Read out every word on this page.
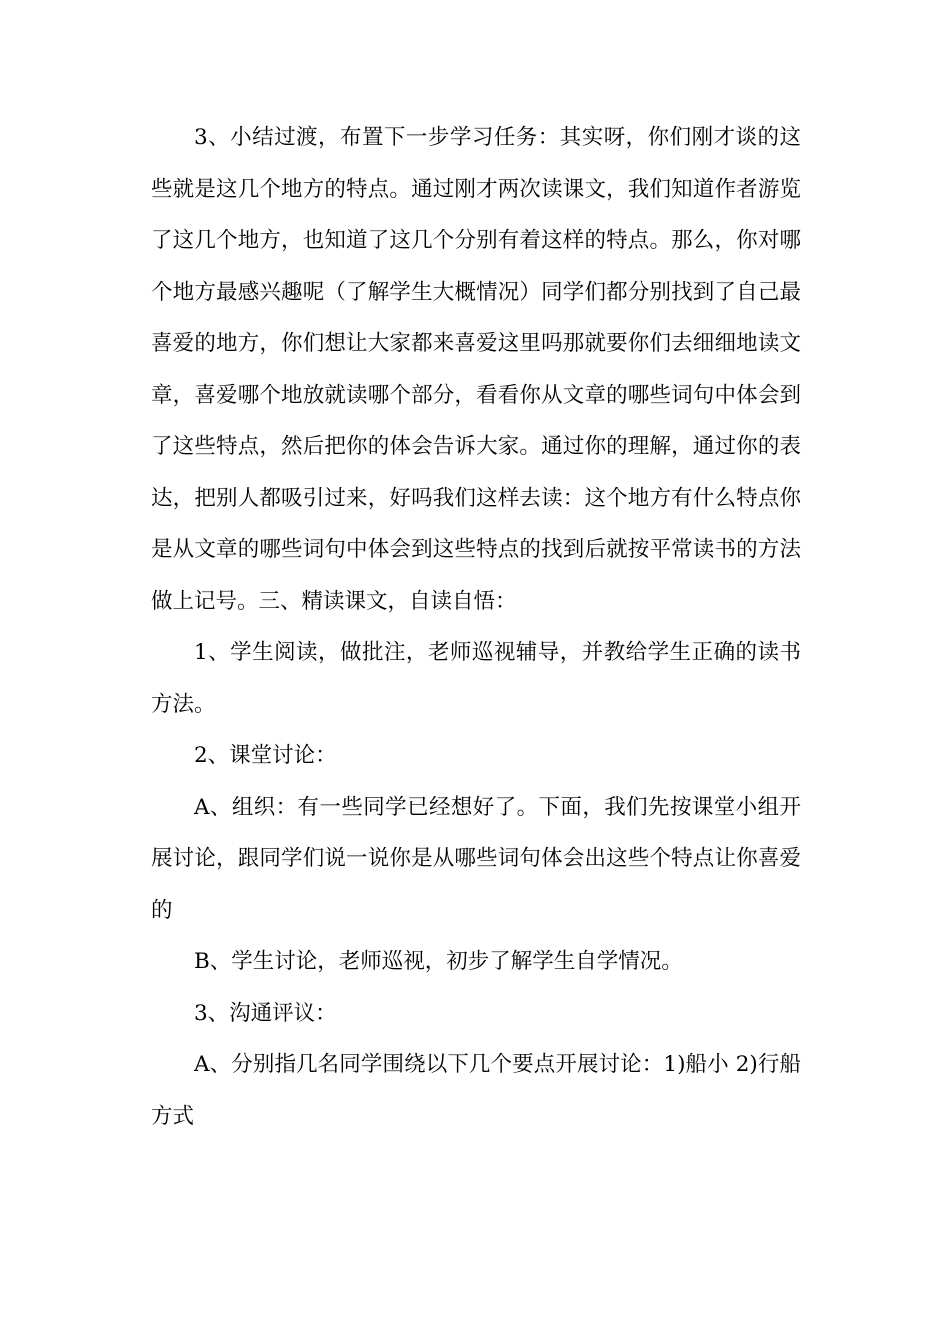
3、小结过渡，布置下一步学习任务：其实呀，你们刚才谈的这些就是这几个地方的特点。通过刚才两次读课文，我们知道作者游览了这几个地方，也知道了这几个分别有着这样的特点。那么，你对哪个地方最感兴趣呢（了解学生大概情况）同学们都分别找到了自己最喜爱的地方，你们想让大家都来喜爱这里吗那就要你们去细细地读文章，喜爱哪个地放就读哪个部分，看看你从文章的哪些词句中体会到了这些特点，然后把你的体会告诉大家。通过你的理解，通过你的表达，把别人都吸引过来，好吗我们这样去读：这个地方有什么特点你是从文章的哪些词句中体会到这些特点的找到后就按平常读书的方法做上记号。三、精读课文，自读自悟：

1、学生阅读，做批注，老师巡视辅导，并教给学生正确的读书方法。

2、课堂讨论：

A、组织：有一些同学已经想好了。下面，我们先按课堂小组开展讨论，跟同学们说一说你是从哪些词句体会出这些个特点让你喜爱的

B、学生讨论，老师巡视，初步了解学生自学情况。

3、沟通评议：

A、分别指几名同学围绕以下几个要点开展讨论：1)船小 2)行船方式
